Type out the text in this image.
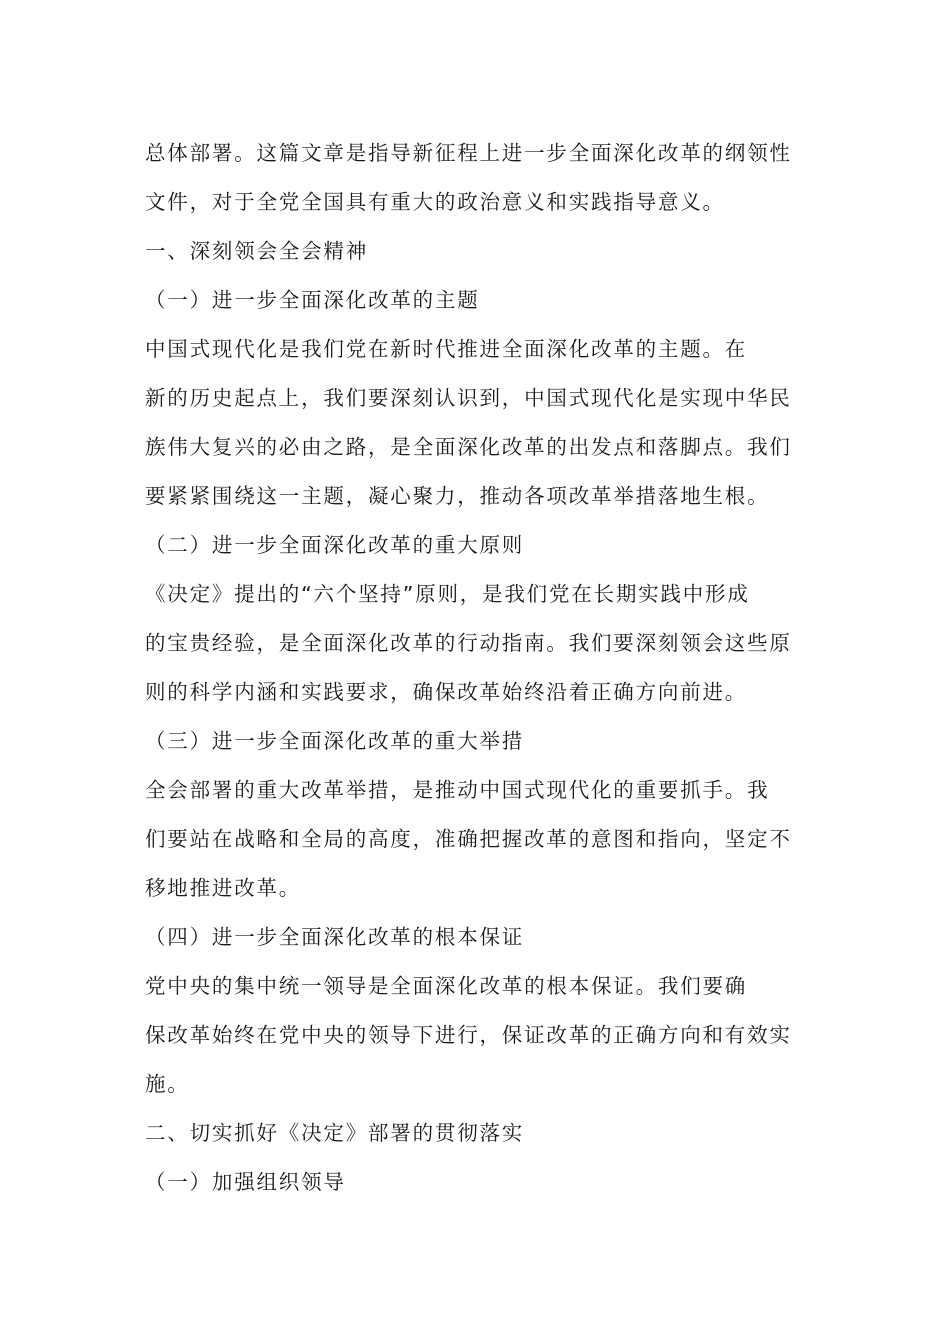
总体部署。这篇文章是指导新征程上进一步全面深化改革的纲领性
文件，对于全党全国具有重大的政治意义和实践指导意义。
一、深刻领会全会精神
（一）进一步全面深化改革的主题
中国式现代化是我们党在新时代推进全面深化改革的主题。在
新的历史起点上，我们要深刻认识到，中国式现代化是实现中华民
族伟大复兴的必由之路，是全面深化改革的出发点和落脚点。我们
要紧紧围绕这一主题，凝心聚力，推动各项改革举措落地生根。
（二）进一步全面深化改革的重大原则
《决定》提出的“六个坚持”原则，是我们党在长期实践中形成
的宝贵经验，是全面深化改革的行动指南。我们要深刻领会这些原
则的科学内涵和实践要求，确保改革始终沿着正确方向前进。
（三）进一步全面深化改革的重大举措
全会部署的重大改革举措，是推动中国式现代化的重要抓手。我
们要站在战略和全局的高度，准确把握改革的意图和指向，坚定不
移地推进改革。
（四）进一步全面深化改革的根本保证
党中央的集中统一领导是全面深化改革的根本保证。我们要确
保改革始终在党中央的领导下进行，保证改革的正确方向和有效实
施。
二、切实抓好《决定》部署的贯彻落实
（一）加强组织领导
